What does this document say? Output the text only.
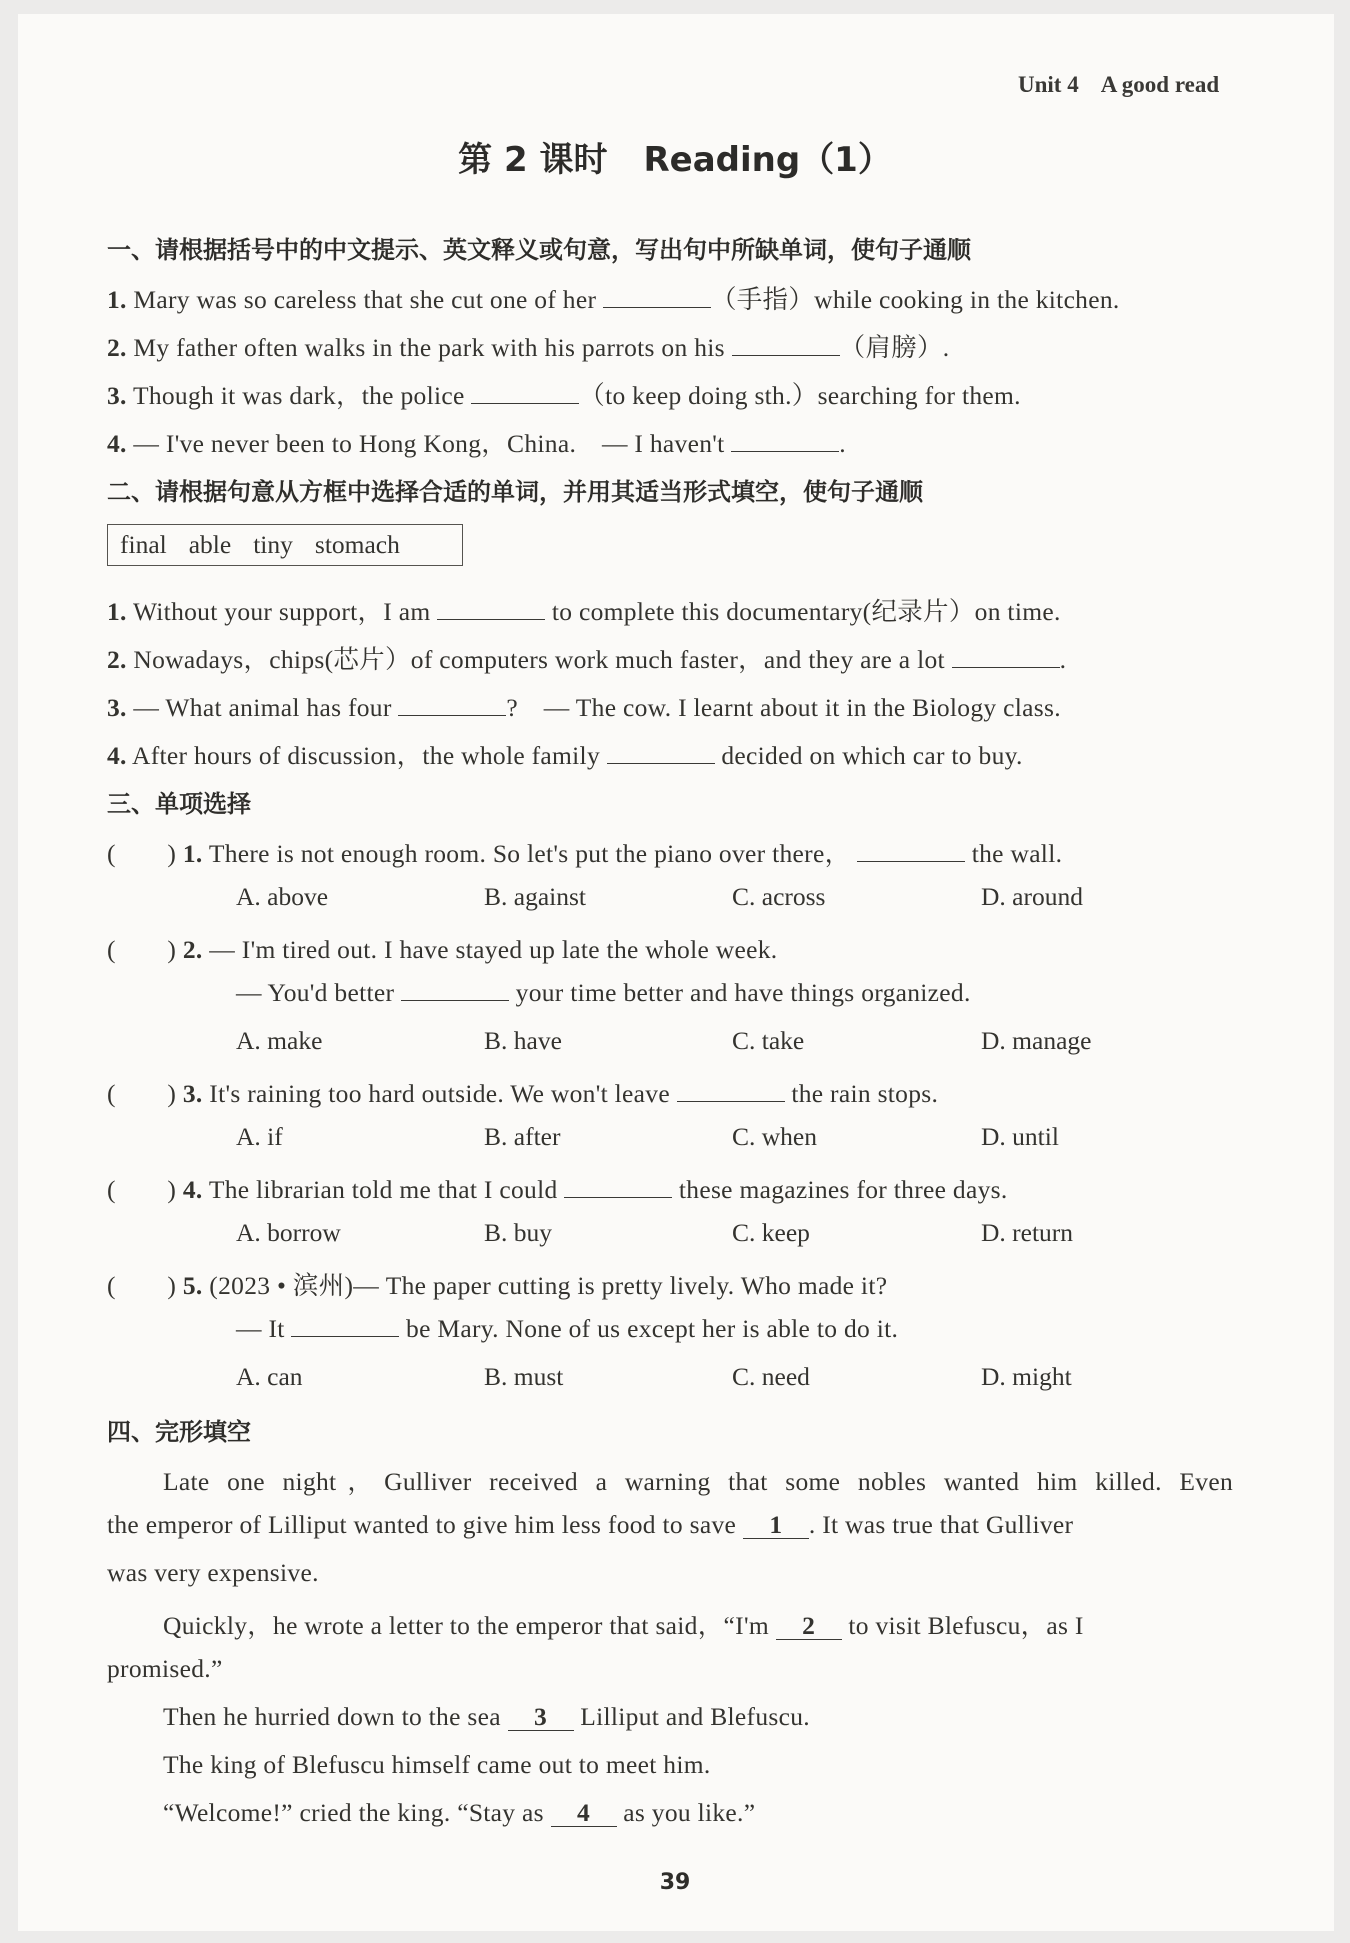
Unit 4 A good read
第 2 课时 Reading（1）
一、请根据括号中的中文提示、英文释义或句意，写出句中所缺单词，使句子通顺
1. Mary was so careless that she cut one of her	（手指）while cooking in the kitchen.
2. My father often walks in the park with his parrots on his	（肩膀）.
3. Though it was dark，the police	（to keep doing sth.）searching for them.
4. — I've never been to Hong Kong，China.　— I haven't	.
二、请根据句意从方框中选择合适的单词，并用其适当形式填空，使句子通顺
final able tiny stomach
1. Without your support，I am	to complete this documentary(纪录片）on time.
2. Nowadays，chips(芯片）of computers work much faster，and they are a lot	.
3. — What animal has four	?　— The cow. I learnt about it in the Biology class.
4. After hours of discussion，the whole family	decided on which car to buy.
三、单项选择
(　　) 1. There is not enough room. So let's put the piano over there，	the wall.
A. above	B. against	C. across	D. around
(　　) 2. — I'm tired out. I have stayed up late the whole week.
— You'd better	your time better and have things organized.
A. make	B. have	C. take	D. manage
(　　) 3. It's raining too hard outside. We won't leave	the rain stops.
A. if	B. after	C. when	D. until
(　　) 4. The librarian told me that I could	these magazines for three days.
A. borrow	B. buy	C. keep	D. return
(　　) 5. (2023 • 滨州)— The paper cutting is pretty lively. Who made it?
— It	be Mary. None of us except her is able to do it.
A. can	B. must	C. need	D. might
四、完形填空
Late one night，Gulliver received a warning that some nobles wanted him killed. Even
the emperor of Lilliput wanted to give him less food to save 1 . It was true that Gulliver
was very expensive.
Quickly，he wrote a letter to the emperor that said，“I'm 2 to visit Blefuscu，as I
promised.”
Then he hurried down to the sea 3 Lilliput and Blefuscu.
The king of Blefuscu himself came out to meet him.
“Welcome!” cried the king. “Stay as 4 as you like.”
39
